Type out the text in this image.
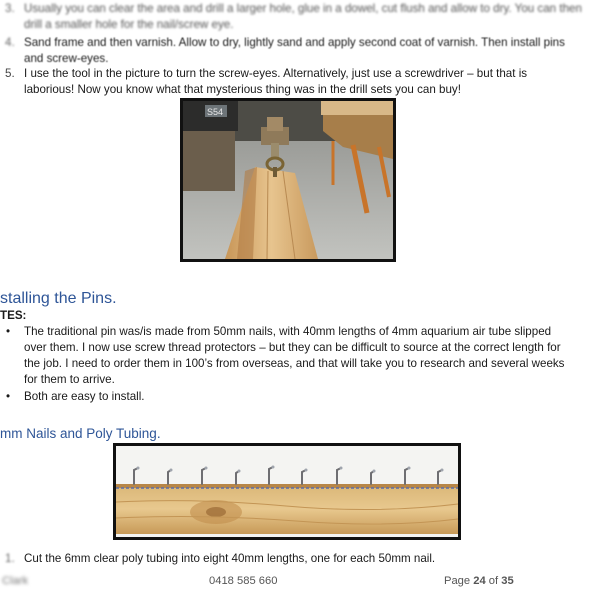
3. Usually you can clear the area and drill a larger hole, glue in a dowel, cut flush and allow to dry. You can then
drill a smaller hole for the nail/screw eye.
4. Sand frame and then varnish. Allow to dry, lightly sand and apply second coat of varnish. Then install pins
and screw-eyes.
5. I use the tool in the picture to turn the screw-eyes. Alternatively, just use a screwdriver – but that is
laborious! Now you know what that mysterious thing was in the drill sets you can buy!
S54
stalling the Pins.
TES:
• The traditional pin was/is made from 50mm nails, with 40mm lengths of 4mm aquarium air tube slipped
over them. I now use screw thread protectors – but they can be difficult to source at the correct length for
the job. I need to order them in 100’s from overseas, and that will take you to research and several weeks
for them to arrive.
• Both are easy to install.
mm Nails and Poly Tubing.
1. Cut the 6mm clear poly tubing into eight 40mm lengths, one for each 50mm nail.
Clark	0418 585 660	Page 24 of 35
